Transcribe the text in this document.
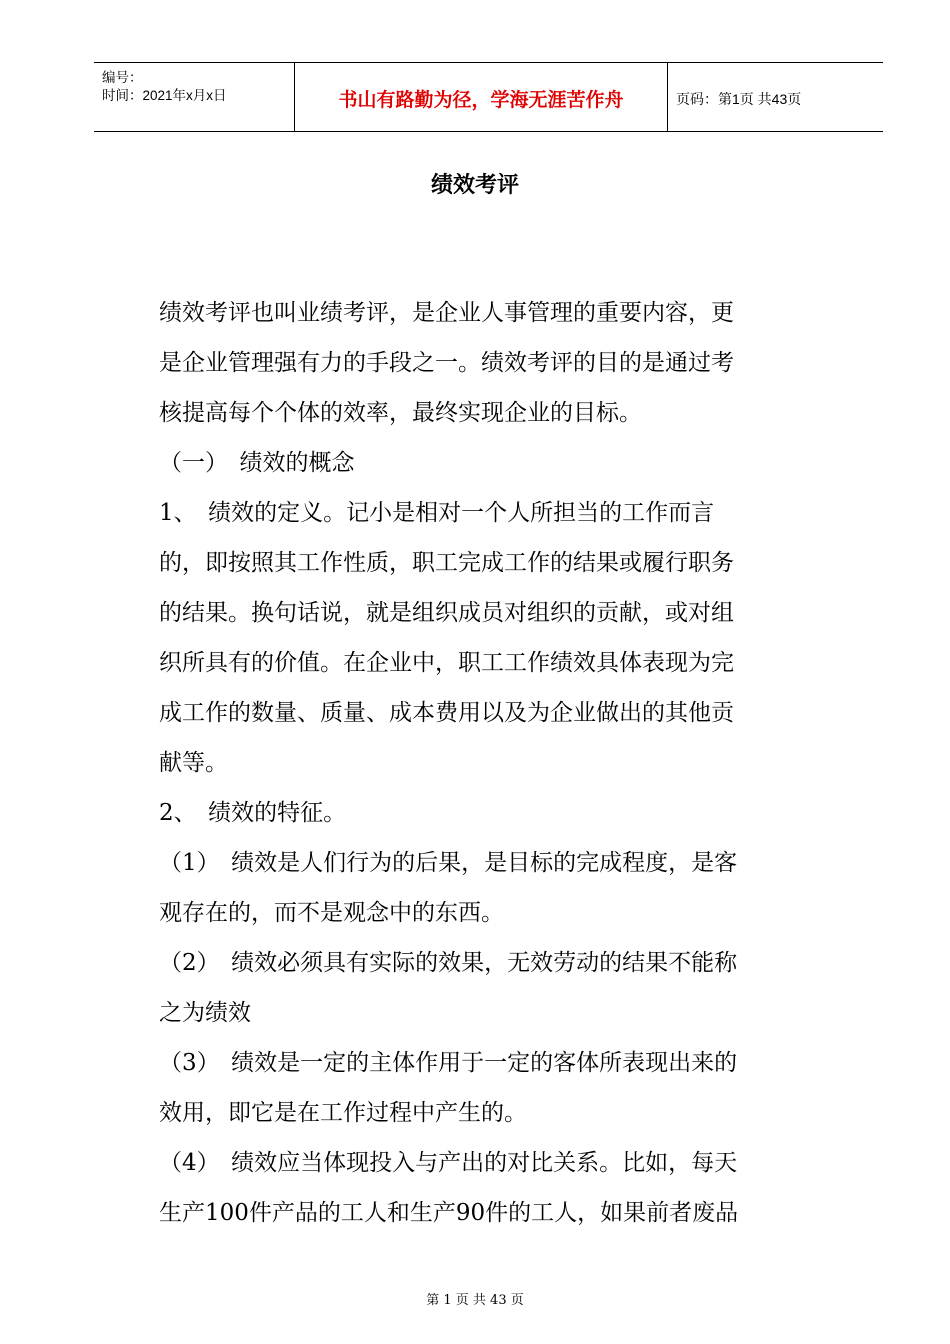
编号：
时间：2021年x月x日	书山有路勤为径，学海无涯苦作舟	页码：第1页 共43页
绩效考评

绩效考评也叫业绩考评，是企业人事管理的重要内容，更

是企业管理强有力的手段之一。绩效考评的目的是通过考

核提高每个个体的效率，最终实现企业的目标。

（一）　绩效的概念

1、　绩效的定义。记小是相对一个人所担当的工作而言

的，即按照其工作性质，职工完成工作的结果或履行职务

的结果。换句话说，就是组织成员对组织的贡献，或对组

织所具有的价值。在企业中，职工工作绩效具体表现为完

成工作的数量、质量、成本费用以及为企业做出的其他贡

献等。

2、　绩效的特征。

（1）　绩效是人们行为的后果，是目标的完成程度，是客

观存在的，而不是观念中的东西。

（2）　绩效必须具有实际的效果，无效劳动的结果不能称

之为绩效

（3）　绩效是一定的主体作用于一定的客体所表现出来的

效用，即它是在工作过程中产生的。

（4）　绩效应当体现投入与产出的对比关系。比如，每天

生产100件产品的工人和生产90件的工人，如果前者废品

第 1 页 共 43 页
